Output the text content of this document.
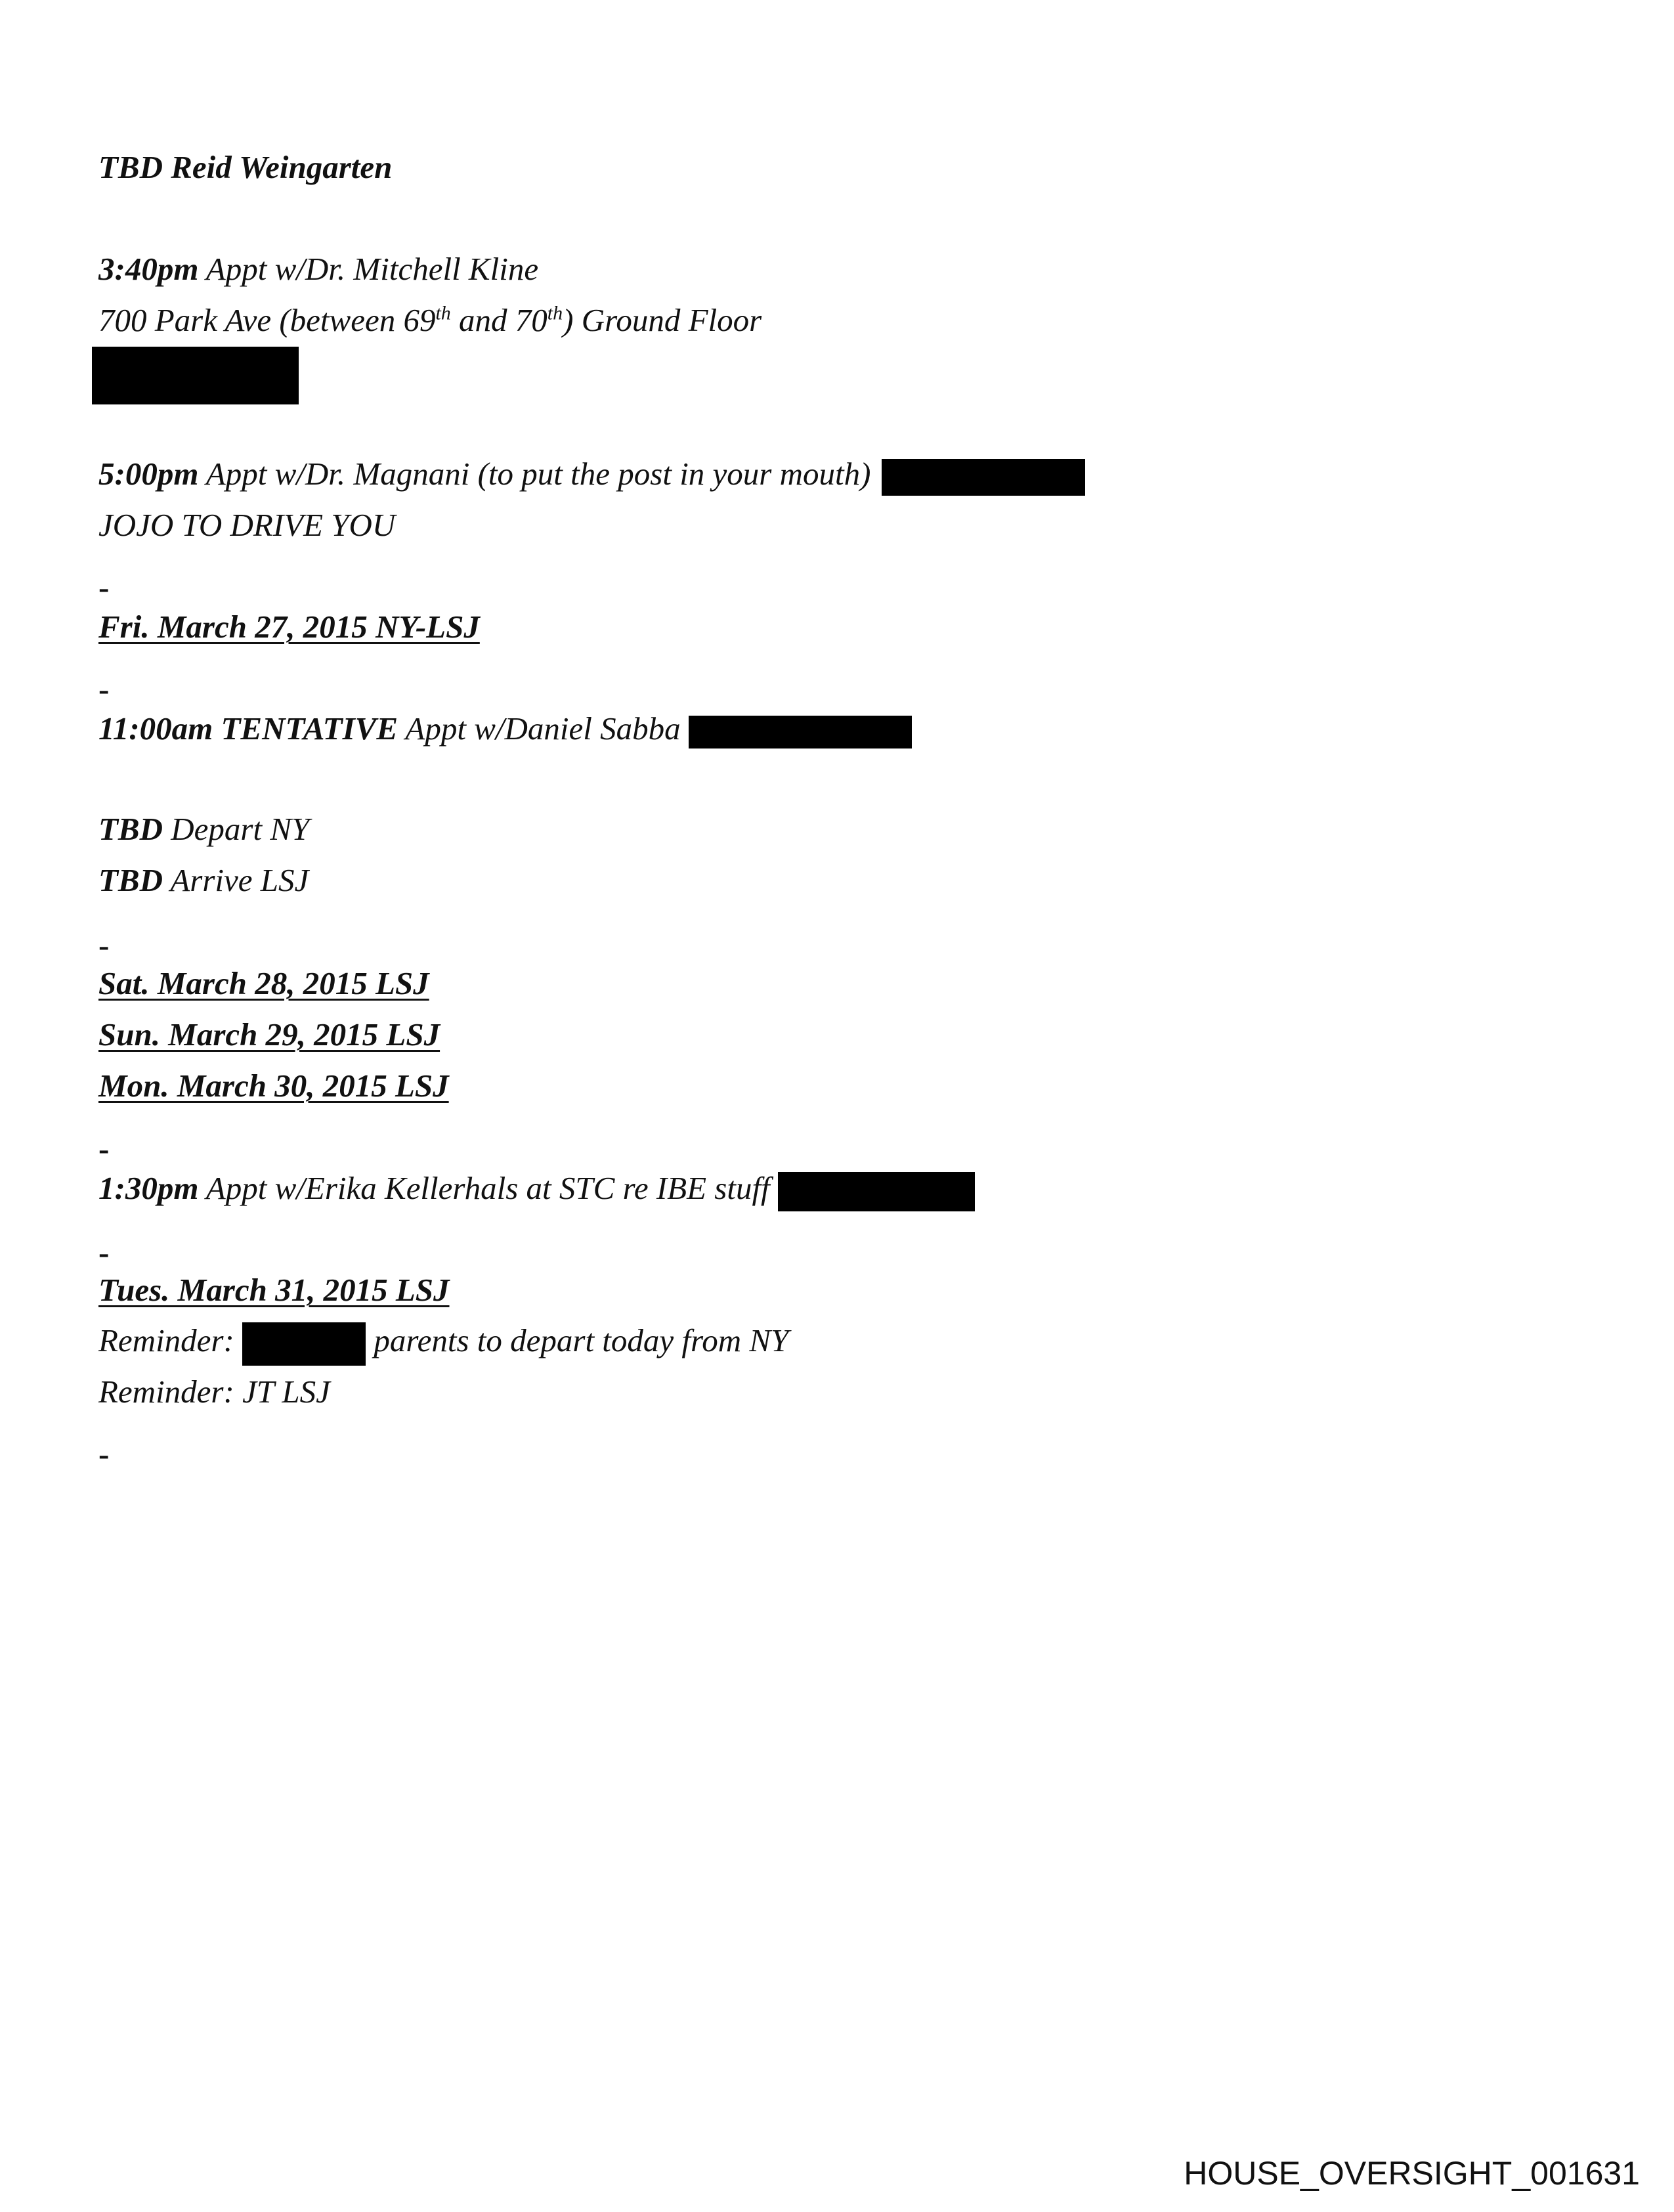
TBD Reid Weingarten
3:40pm Appt w/Dr. Mitchell Kline
700 Park Ave (between 69th and 70th) Ground Floor
5:00pm Appt w/Dr. Magnani (to put the post in your mouth)
JOJO TO DRIVE YOU
-
Fri. March 27, 2015 NY-LSJ
-
11:00am TENTATIVE Appt w/Daniel Sabba
TBD Depart NY
TBD Arrive LSJ
-
Sat. March 28, 2015 LSJ
Sun. March 29, 2015 LSJ
Mon. March 30, 2015 LSJ
-
1:30pm Appt w/Erika Kellerhals at STC re IBE stuff
-
Tues. March 31, 2015 LSJ
Reminder:	parents to depart today from NY
Reminder: JT LSJ
-
HOUSE_OVERSIGHT_001631
